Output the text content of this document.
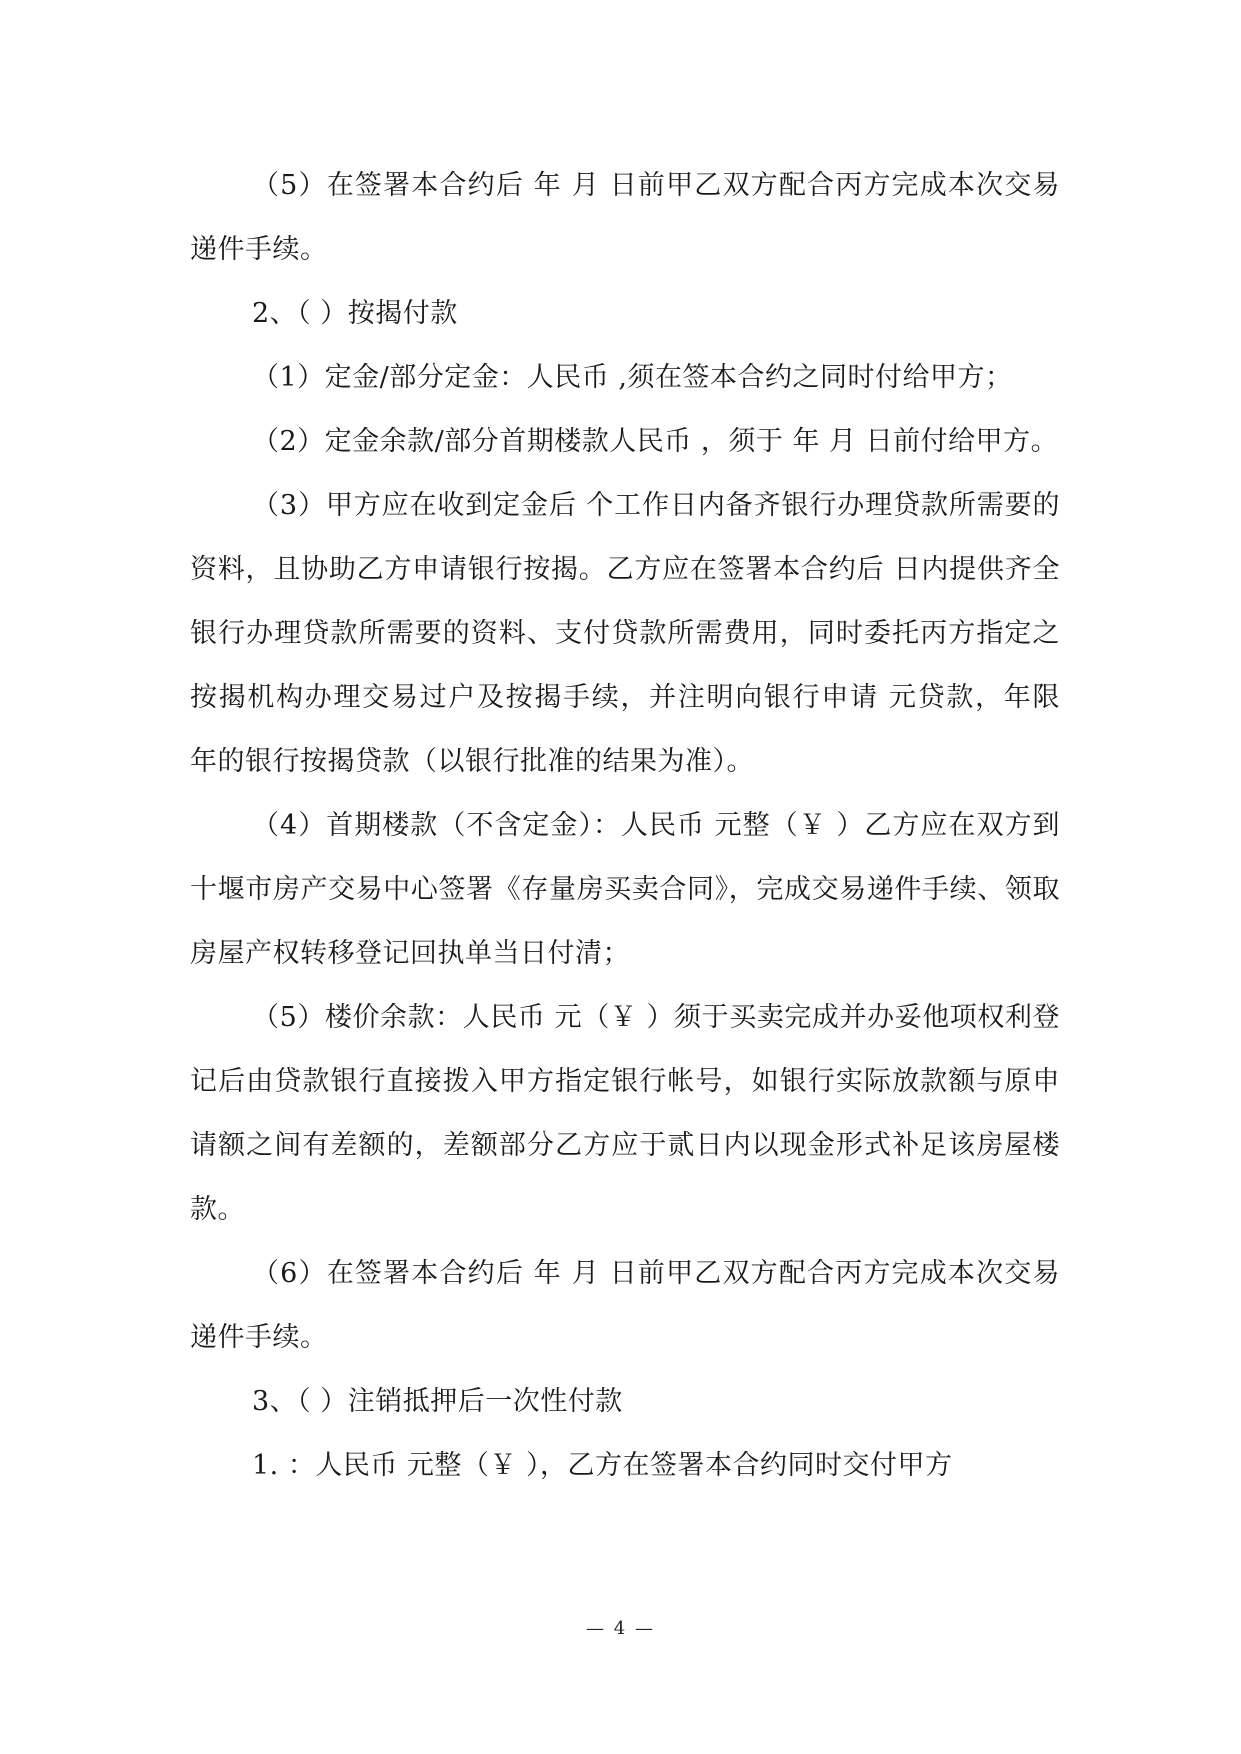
（5）在签署本合约后 年 月 日前甲乙双方配合丙方完成本次交易递件手续。

2、（ ）按揭付款

（1）定金/部分定金：人民币 ,须在签本合约之同时付给甲方；

（2）定金余款/部分首期楼款人民币 ，须于 年 月 日前付给甲方。

（3）甲方应在收到定金后 个工作日内备齐银行办理贷款所需要的资料，且协助乙方申请银行按揭。乙方应在签署本合约后 日内提供齐全银行办理贷款所需要的资料、支付贷款所需费用，同时委托丙方指定之按揭机构办理交易过户及按揭手续，并注明向银行申请 元贷款，年限 年的银行按揭贷款（以银行批准的结果为准）。

（4）首期楼款（不含定金）：人民币 元整（￥ ）乙方应在双方到十堰市房产交易中心签署《存量房买卖合同》，完成交易递件手续、领取房屋产权转移登记回执单当日付清；

（5）楼价余款：人民币 元（￥ ）须于买卖完成并办妥他项权利登记后由贷款银行直接拨入甲方指定银行帐号，如银行实际放款额与原申请额之间有差额的，差额部分乙方应于贰日内以现金形式补足该房屋楼款。

（6）在签署本合约后 年 月 日前甲乙双方配合丙方完成本次交易递件手续。

3、（ ）注销抵押后一次性付款

1. ：人民币 元整（￥ ），乙方在签署本合约同时交付甲方

— 4 —
